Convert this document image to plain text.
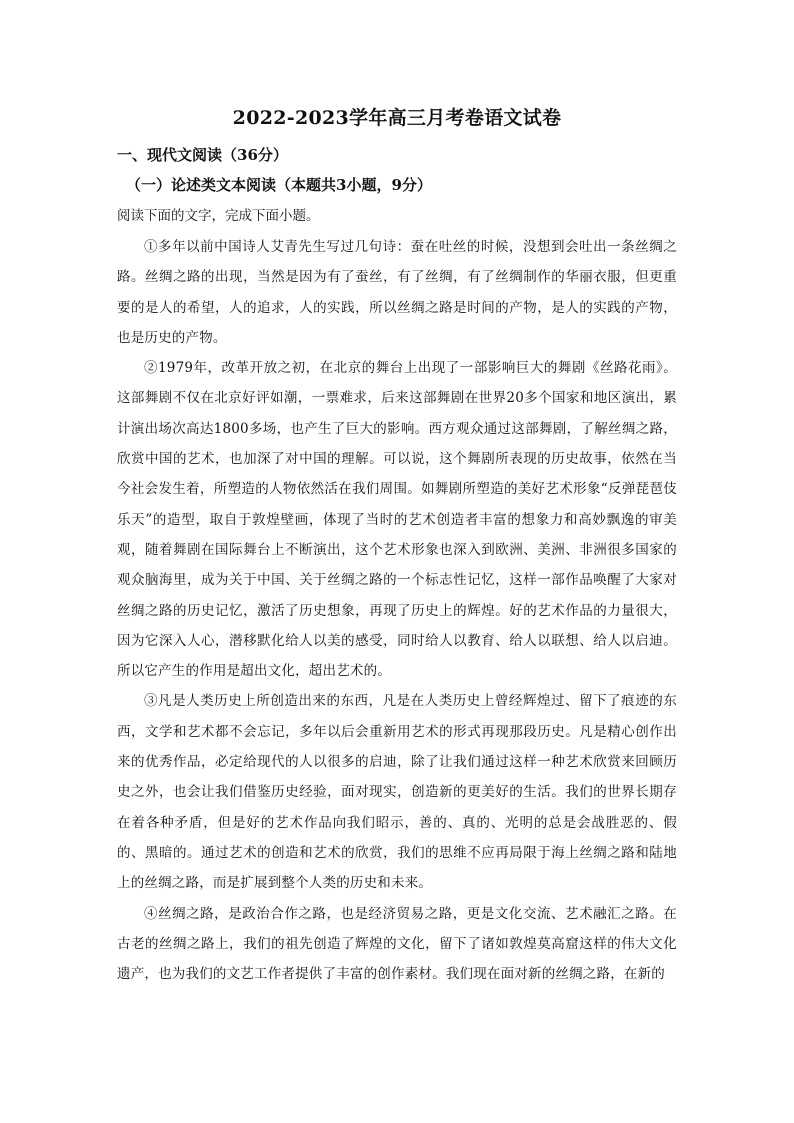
2022-2023学年高三月考卷语文试卷
一、现代文阅读（36分）
（一）论述类文本阅读（本题共3小题，9分）
阅读下面的文字，完成下面小题。

①多年以前中国诗人艾青先生写过几句诗：蚕在吐丝的时候，没想到会吐出一条丝绸之路。丝绸之路的出现，当然是因为有了蚕丝，有了丝绸，有了丝绸制作的华丽衣服，但更重要的是人的希望，人的追求，人的实践，所以丝绸之路是时间的产物，是人的实践的产物，也是历史的产物。

②1979年，改革开放之初，在北京的舞台上出现了一部影响巨大的舞剧《丝路花雨》。这部舞剧不仅在北京好评如潮，一票难求，后来这部舞剧在世界20多个国家和地区演出，累计演出场次高达1800多场，也产生了巨大的影响。西方观众通过这部舞剧，了解丝绸之路，欣赏中国的艺术，也加深了对中国的理解。可以说，这个舞剧所表现的历史故事，依然在当今社会发生着，所塑造的人物依然活在我们周围。如舞剧所塑造的美好艺术形象“反弹琵琶伎乐天”的造型，取自于敦煌壁画，体现了当时的艺术创造者丰富的想象力和高妙飘逸的审美观，随着舞剧在国际舞台上不断演出，这个艺术形象也深入到欧洲、美洲、非洲很多国家的观众脑海里，成为关于中国、关于丝绸之路的一个标志性记忆，这样一部作品唤醒了大家对丝绸之路的历史记忆，激活了历史想象，再现了历史上的辉煌。好的艺术作品的力量很大，因为它深入人心，潜移默化给人以美的感受，同时给人以教育、给人以联想、给人以启迪。所以它产生的作用是超出文化，超出艺术的。

③凡是人类历史上所创造出来的东西，凡是在人类历史上曾经辉煌过、留下了痕迹的东西，文学和艺术都不会忘记，多年以后会重新用艺术的形式再现那段历史。凡是精心创作出来的优秀作品，必定给现代的人以很多的启迪，除了让我们通过这样一种艺术欣赏来回顾历史之外，也会让我们借鉴历史经验，面对现实，创造新的更美好的生活。我们的世界长期存在着各种矛盾，但是好的艺术作品向我们昭示，善的、真的、光明的总是会战胜恶的、假的、黑暗的。通过艺术的创造和艺术的欣赏，我们的思维不应再局限于海上丝绸之路和陆地上的丝绸之路，而是扩展到整个人类的历史和未来。

④丝绸之路，是政治合作之路，也是经济贸易之路，更是文化交流、艺术融汇之路。在古老的丝绸之路上，我们的祖先创造了辉煌的文化，留下了诸如敦煌莫高窟这样的伟大文化遗产，也为我们的文艺工作者提供了丰富的创作素材。我们现在面对新的丝绸之路，在新的
